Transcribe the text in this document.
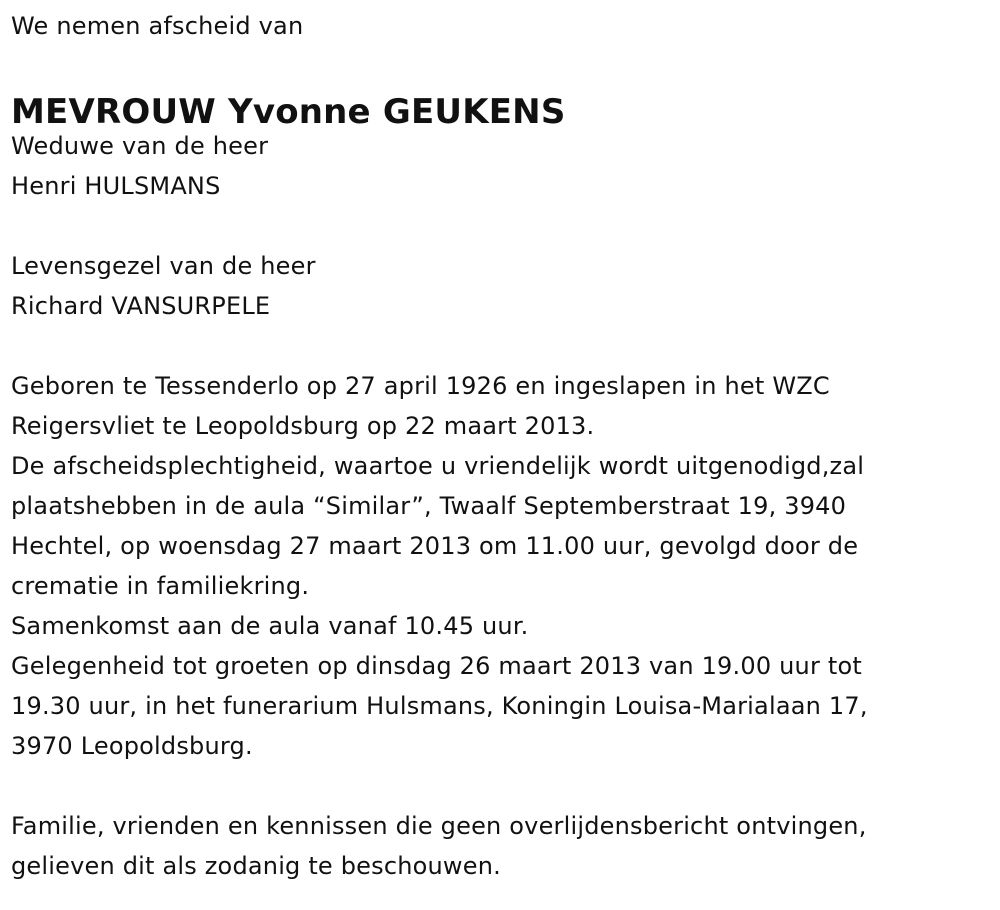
We nemen afscheid van
MEVROUW Yvonne GEUKENS
Weduwe van de heer
Henri HULSMANS
Levensgezel van de heer
Richard VANSURPELE
Geboren te Tessenderlo op 27 april 1926 en ingeslapen in het WZC
Reigersvliet te Leopoldsburg op 22 maart 2013.
De afscheidsplechtigheid, waartoe u vriendelijk wordt uitgenodigd,zal
plaatshebben in de aula “Similar”, Twaalf Septemberstraat 19, 3940
Hechtel, op woensdag 27 maart 2013 om 11.00 uur, gevolgd door de
crematie in familiekring.
Samenkomst aan de aula vanaf 10.45 uur.
Gelegenheid tot groeten op dinsdag 26 maart 2013 van 19.00 uur tot
19.30 uur, in het funerarium Hulsmans, Koningin Louisa-Marialaan 17,
3970 Leopoldsburg.
Familie, vrienden en kennissen die geen overlijdensbericht ontvingen,
gelieven dit als zodanig te beschouwen.
